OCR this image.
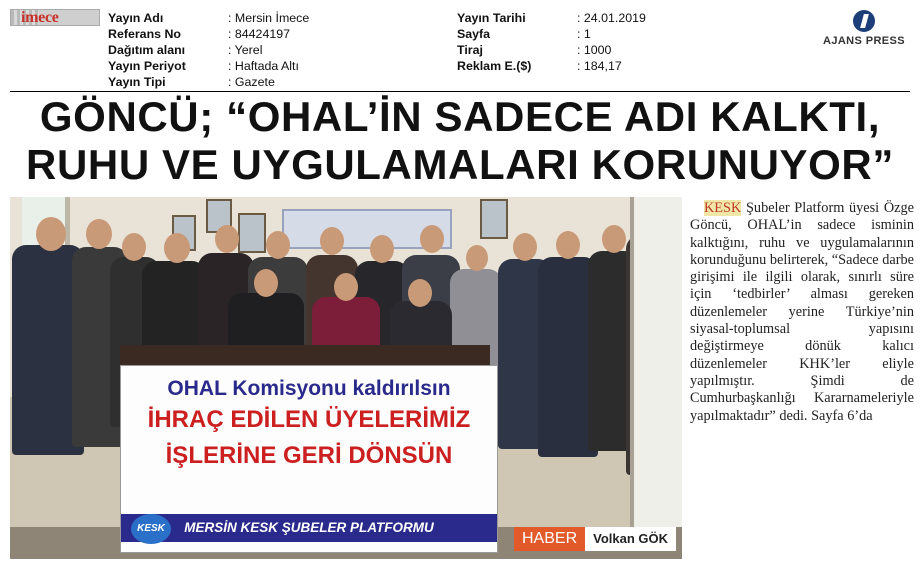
imece	Yayın Adı	: Mersin İmece
Referans No	: 84424197
Dağıtım alanı	: Yerel
Yayın Periyot	: Haftada Altı
Yayın Tipi	: Gazete
Yayın Tarihi	: 24.01.2019
Sayfa	: 1
Tiraj	: 1000
Reklam E.($)	: 184,17
AJANS PRESS
GÖNCÜ; “OHAL’İN SADECE ADI KALKTI,
RUHU VE UYGULAMALARI KORUNUYOR”
OHAL Komisyonu kaldırılsın
İHRAÇ EDİLEN ÜYELERİMİZ
İŞLERİNE GERİ DÖNSÜN
MERSİN KESK ŞUBELER PLATFORMU
KESK
HABER	Volkan GÖK
KESK Şubeler Platform üyesi Özge Göncü, OHAL’in sadece isminin kalktığını, ruhu ve uygulamalarının korunduğunu belirterek, “Sadece darbe girişimi ile ilgili olarak, sınırlı süre için ‘tedbirler’ alması gereken düzenlemeler yerine Türkiye’nin siyasal-toplumsal yapısını değiştirmeye dönük kalıcı düzenlemeler KHK’ler eliyle yapılmıştır. Şimdi de Cumhurbaşkanlığı Kararnameleriyle yapılmaktadır” dedi. Sayfa 6’da
